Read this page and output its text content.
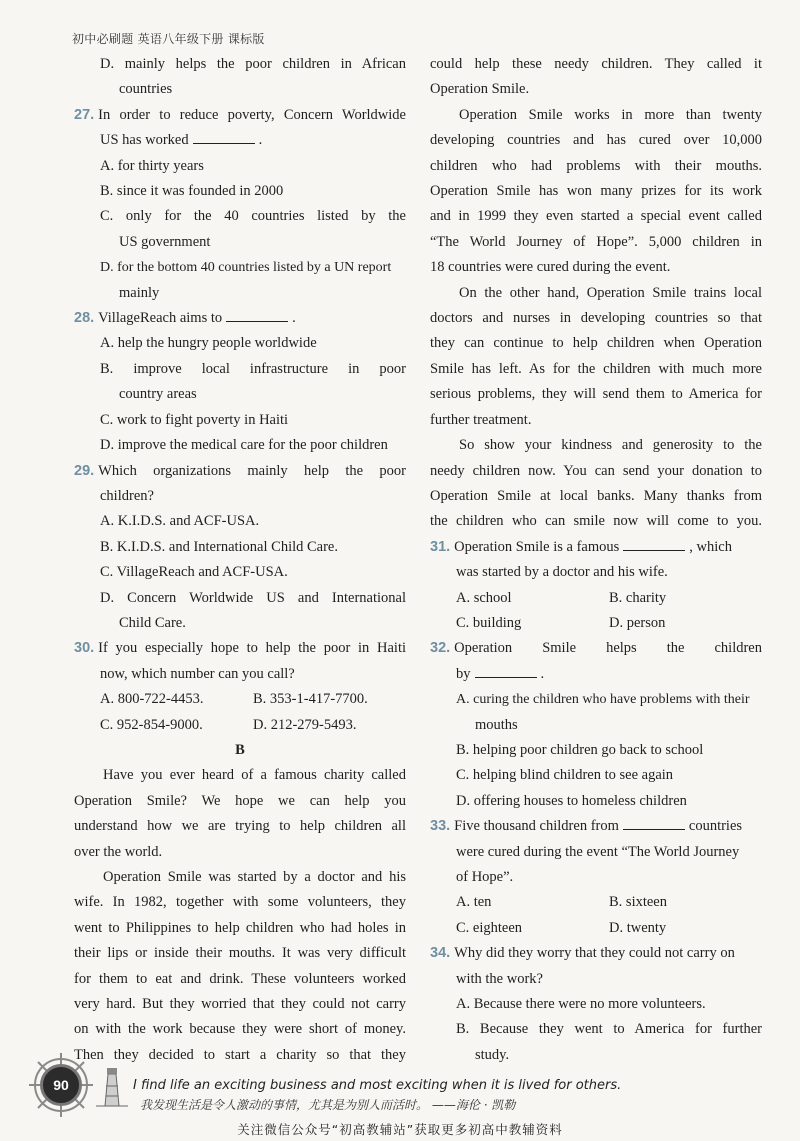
初中必刷题 英语八年级下册 课标版
D. mainly helps the poor children in African
countries
27. In order to reduce poverty, Concern Worldwide
US has worked	.
A. for thirty years
B. since it was founded in 2000
C. only for the 40 countries listed by the
US government
D. for the bottom 40 countries listed by a UN report
mainly
28. VillageReach aims to	.
A. help the hungry people worldwide
B. improve local infrastructure in poor
country areas
C. work to fight poverty in Haiti
D. improve the medical care for the poor children
29. Which organizations mainly help the poor
children?
A. K.I.D.S. and ACF-USA.
B. K.I.D.S. and International Child Care.
C. VillageReach and ACF-USA.
D. Concern Worldwide US and International
Child Care.
30. If you especially hope to help the poor in Haiti
now, which number can you call?
A. 800-722-4453.	B. 353-1-417-7700.
C. 952-854-9000.	D. 212-279-5493.
B
Have you ever heard of a famous charity called
Operation Smile? We hope we can help you
understand how we are trying to help children all
over the world.
Operation Smile was started by a doctor and his
wife. In 1982, together with some volunteers, they
went to Philippines to help children who had holes in
their lips or inside their mouths. It was very difficult
for them to eat and drink. These volunteers worked
very hard. But they worried that they could not carry
on with the work because they were short of money.
Then they decided to start a charity so that they
could help these needy children. They called it
Operation Smile.
Operation Smile works in more than twenty
developing countries and has cured over 10,000
children who had problems with their mouths.
Operation Smile has won many prizes for its work
and in 1999 they even started a special event called
“The World Journey of Hope”. 5,000 children in
18 countries were cured during the event.
On the other hand, Operation Smile trains local
doctors and nurses in developing countries so that
they can continue to help children when Operation
Smile has left. As for the children with much more
serious problems, they will send them to America for
further treatment.
So show your kindness and generosity to the
needy children now. You can send your donation to
Operation Smile at local banks. Many thanks from
the children who can smile now will come to you.
31. Operation Smile is a famous	, which
was started by a doctor and his wife.
A. school	B. charity
C. building	D. person
32. Operation Smile helps the children
by	.
A. curing the children who have problems with their
mouths
B. helping poor children go back to school
C. helping blind children to see again
D. offering houses to homeless children
33. Five thousand children from	countries
were cured during the event “The World Journey
of Hope”.
A. ten	B. sixteen
C. eighteen	D. twenty
34. Why did they worry that they could not carry on
with the work?
A. Because there were no more volunteers.
B. Because they went to America for further
study.
90	I find life an exciting business and most exciting when it is lived for others.
我发现生活是令人激动的事情，尤其是为别人而活时。 ——海伦 · 凯勒
关注微信公众号“初高教辅站”获取更多初高中教辅资料
